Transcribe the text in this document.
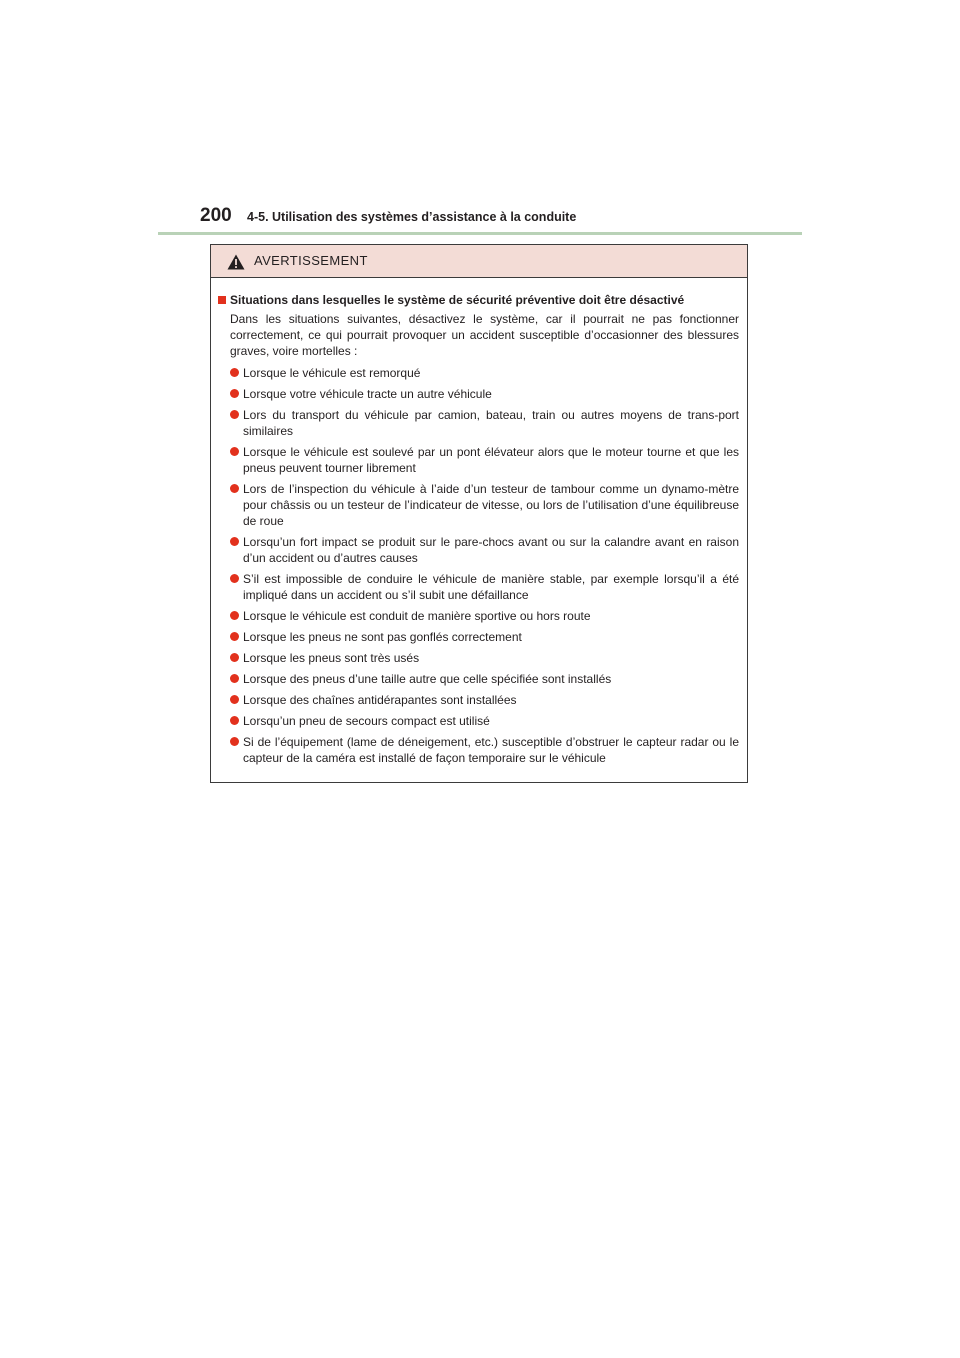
200 4-5. Utilisation des systèmes d’assistance à la conduite
AVERTISSEMENT
Situations dans lesquelles le système de sécurité préventive doit être désactivé
Dans les situations suivantes, désactivez le système, car il pourrait ne pas fonctionner correctement, ce qui pourrait provoquer un accident susceptible d’occasionner des blessures graves, voire mortelles :
Lorsque le véhicule est remorqué
Lorsque votre véhicule tracte un autre véhicule
Lors du transport du véhicule par camion, bateau, train ou autres moyens de trans-port similaires
Lorsque le véhicule est soulevé par un pont élévateur alors que le moteur tourne et que les pneus peuvent tourner librement
Lors de l’inspection du véhicule à l’aide d’un testeur de tambour comme un dynamo-mètre pour châssis ou un testeur de l’indicateur de vitesse, ou lors de l’utilisation d’une équilibreuse de roue
Lorsqu’un fort impact se produit sur le pare-chocs avant ou sur la calandre avant en raison d’un accident ou d’autres causes
S’il est impossible de conduire le véhicule de manière stable, par exemple lorsqu’il a été impliqué dans un accident ou s’il subit une défaillance
Lorsque le véhicule est conduit de manière sportive ou hors route
Lorsque les pneus ne sont pas gonflés correctement
Lorsque les pneus sont très usés
Lorsque des pneus d’une taille autre que celle spécifiée sont installés
Lorsque des chaînes antidérapantes sont installées
Lorsqu’un pneu de secours compact est utilisé
Si de l’équipement (lame de déneigement, etc.) susceptible d’obstruer le capteur radar ou le capteur de la caméra est installé de façon temporaire sur le véhicule
